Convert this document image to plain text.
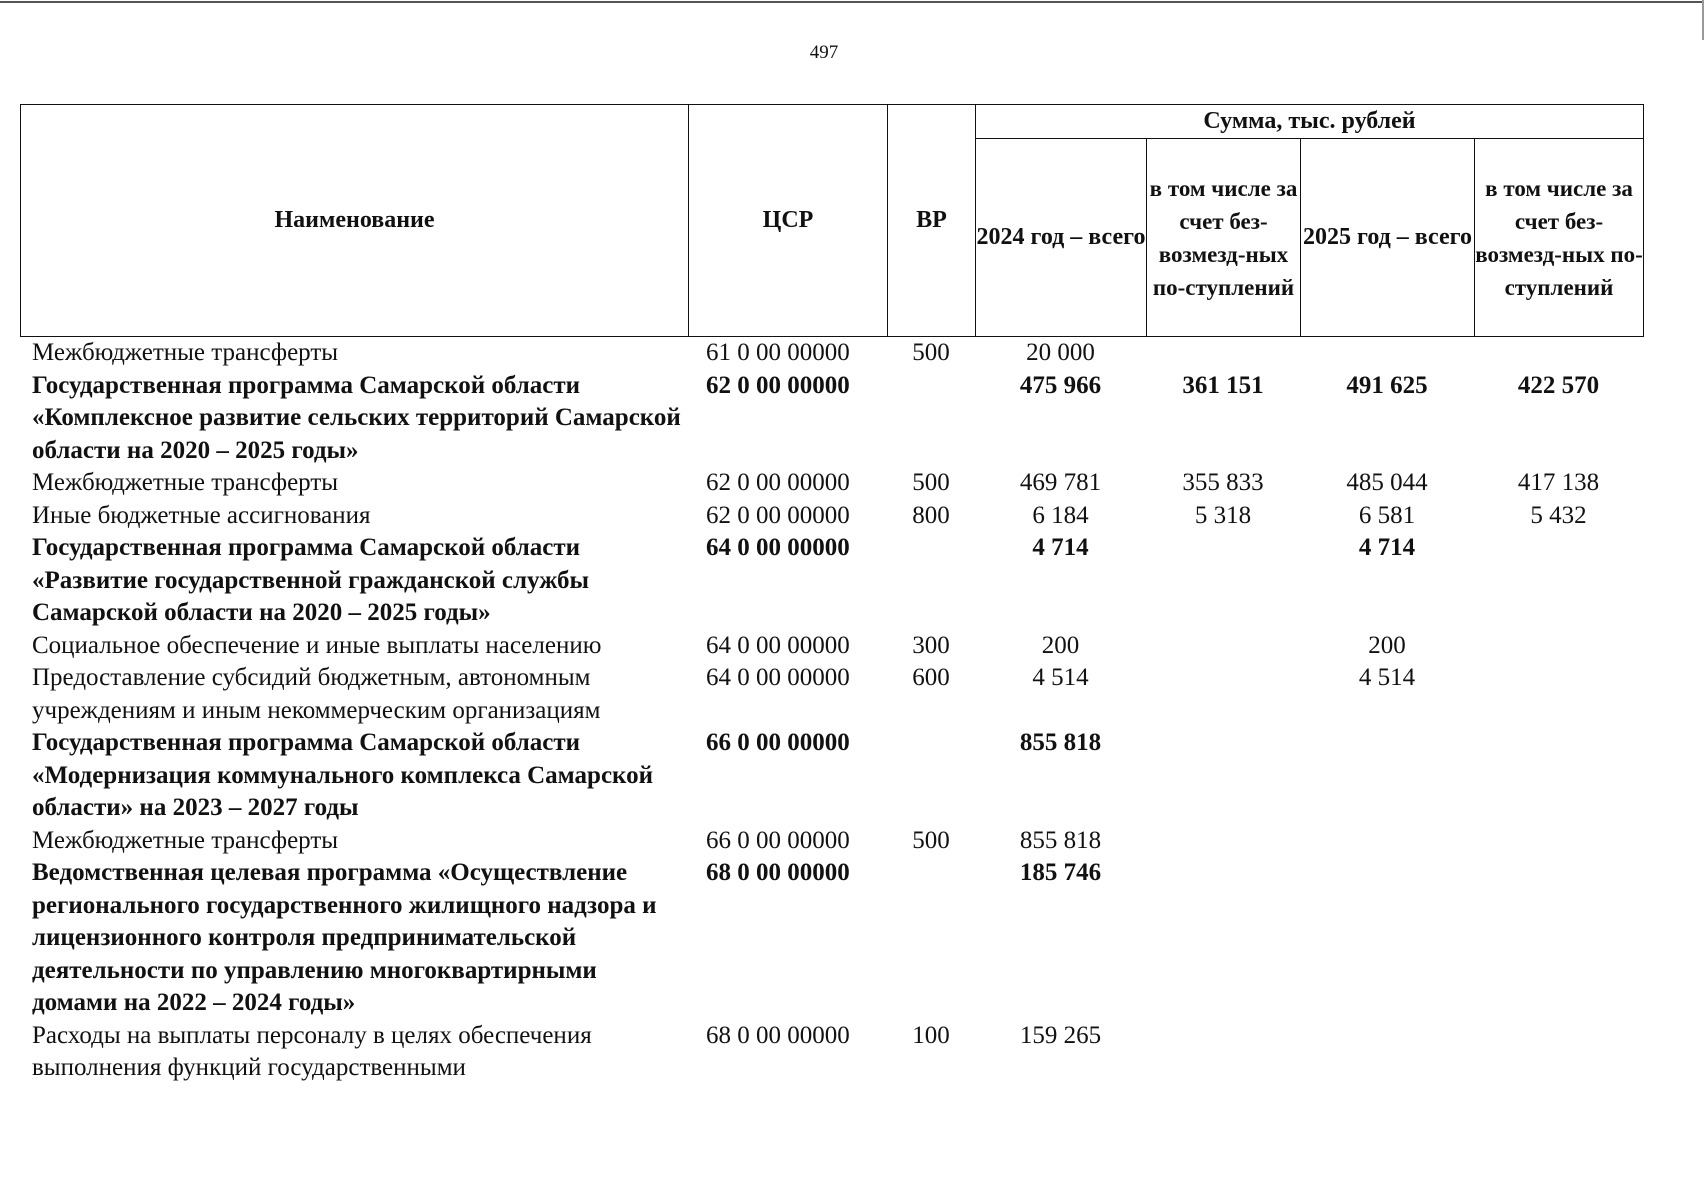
497
Наименование	ЦСР	ВР	Сумма, тыс. рублей			
			2024 год – всего	в том числе за счет без-возмезд-ных по-ступлений	2025 год – всего	в том числе за счет без-возмезд-ных по-ступлений
Межбюджетные трансферты	61 0 00 00000	500	20 000			
Государственная программа Самарской области «Комплексное развитие сельских территорий Самарской области на 2020 – 2025 годы»	62 0 00 00000		475 966	361 151	491 625	422 570
Межбюджетные трансферты	62 0 00 00000	500	469 781	355 833	485 044	417 138
Иные бюджетные ассигнования	62 0 00 00000	800	6 184	5 318	6 581	5 432
Государственная программа Самарской области «Развитие государственной гражданской службы Самарской области на 2020 – 2025 годы»	64 0 00 00000		4 714		4 714	
Социальное обеспечение и иные выплаты населению	64 0 00 00000	300	200		200	
Предоставление субсидий бюджетным, автономным учреждениям и иным некоммерческим организациям	64 0 00 00000	600	4 514		4 514	
Государственная программа Самарской области «Модернизация коммунального комплекса Самарской области» на 2023 – 2027 годы	66 0 00 00000		855 818			
Межбюджетные трансферты	66 0 00 00000	500	855 818			
Ведомственная целевая программа «Осуществление регионального государственного жилищного надзора и лицензионного контроля предпринимательской деятельности по управлению многоквартирными домами на 2022 – 2024 годы»	68 0 00 00000		185 746			
Расходы на выплаты персоналу в целях обеспечения выполнения функций государственными	68 0 00 00000	100	159 265			
